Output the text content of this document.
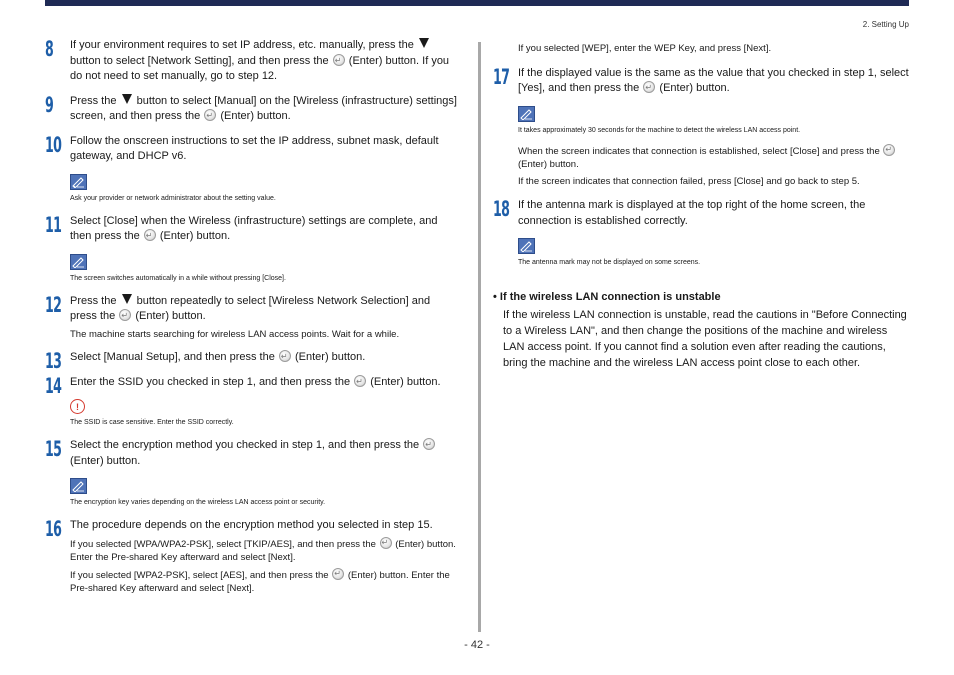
2. Setting Up
8 If your environment requires to set IP address, etc. manually, press the  button to select [Network Setting], and then press the ↵ (Enter) button. If you do not need to set manually, go to step 12.
9 Press the button to select [Manual] on the [Wireless (infrastructure) settings] screen, and then press the ↵ (Enter) button.
10 Follow the onscreen instructions to set the IP address, subnet mask, default gateway, and DHCP v6.
Ask your provider or network administrator about the setting value.
11 Select [Close] when the Wireless (infrastructure) settings are complete, and then press the ↵ (Enter) button.
The screen switches automatically in a while without pressing [Close].
12 Press the button repeatedly to select [Wireless Network Selection] and press the ↵ (Enter) button.
The machine starts searching for wireless LAN access points. Wait for a while.
13 Select [Manual Setup], and then press the ↵ (Enter) button.
14 Enter the SSID you checked in step 1, and then press the ↵ (Enter) button.
!
The SSID is case sensitive. Enter the SSID correctly.
15 Select the encryption method you checked in step 1, and then press the ↵ (Enter) button.
The encryption key varies depending on the wireless LAN access point or security.
16 The procedure depends on the encryption method you selected in step 15.
If you selected [WPA/WPA2-PSK], select [TKIP/AES], and then press the ↵ (Enter) button. Enter the Pre-shared Key afterward and select [Next].
If you selected [WPA2-PSK], select [AES], and then press the ↵ (Enter) button. Enter the Pre-shared Key afterward and select [Next].
If you selected [WEP], enter the WEP Key, and press [Next].
17 If the displayed value is the same as the value that you checked in step 1, select [Yes], and then press the ↵ (Enter) button.
It takes approximately 30 seconds for the machine to detect the wireless LAN access point.
When the screen indicates that connection is established, select [Close] and press the ↵ (Enter) button.
If the screen indicates that connection failed, press [Close] and go back to step 5.
18 If the antenna mark is displayed at the top right of the home screen, the connection is established correctly.
The antenna mark may not be displayed on some screens.
• If the wireless LAN connection is unstable
If the wireless LAN connection is unstable, read the cautions in "Before Connecting to a Wireless LAN", and then change the positions of the machine and wireless LAN access point. If you cannot find a solution even after reading the cautions, bring the machine and the wireless LAN access point close to each other.
- 42 -
